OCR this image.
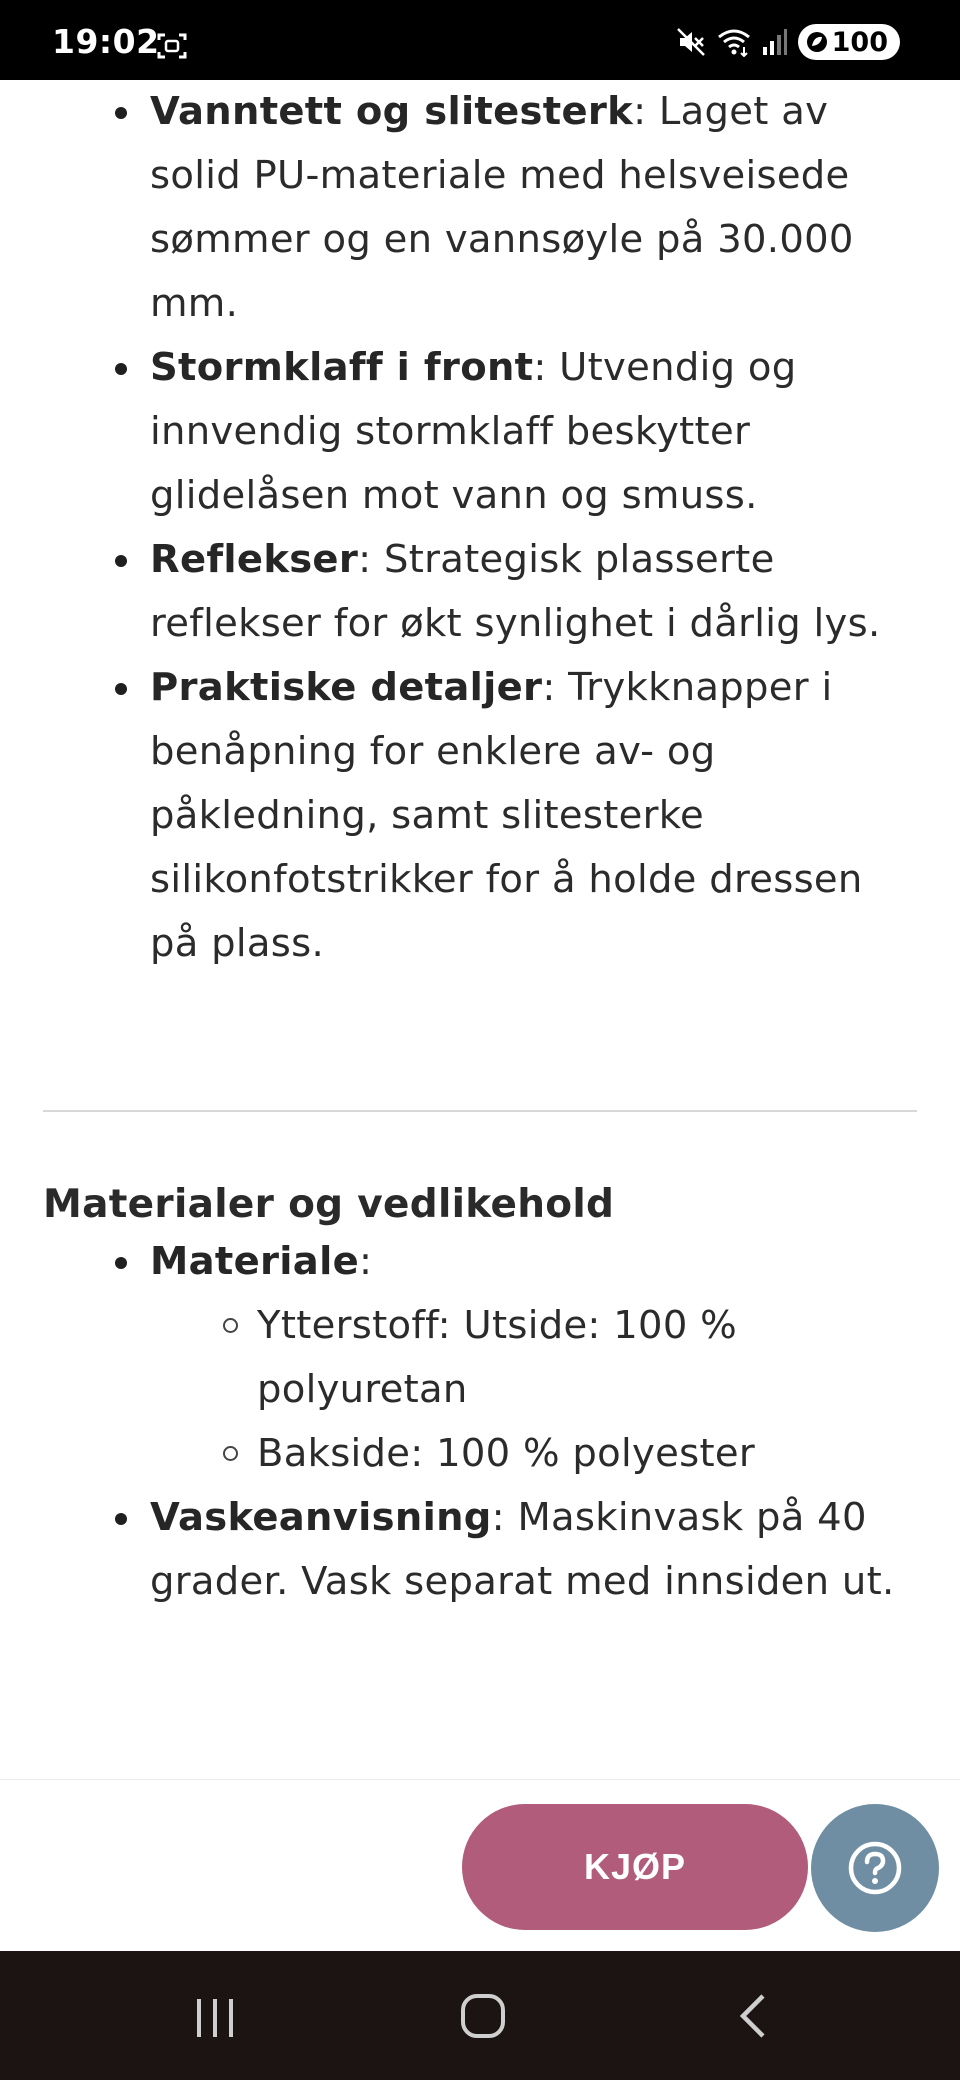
19:02	100
Vanntett og slitesterk: Laget av solid PU-materiale med helsveisede sømmer og en vannsøyle på 30.000 mm.
Stormklaff i front: Utvendig og innvendig stormklaff beskytter glidelåsen mot vann og smuss.
Reflekser: Strategisk plasserte reflekser for økt synlighet i dårlig lys.
Praktiske detaljer: Trykknapper i benåpning for enklere av- og påkledning, samt slitesterke silikonfotstrikker for å holde dressen på plass.
Materialer og vedlikehold
Materiale:
Ytterstoff: Utside: 100 % polyuretan
Bakside: 100 % polyester
Vaskeanvisning: Maskinvask på 40 grader. Vask separat med innsiden ut.
KJØP
